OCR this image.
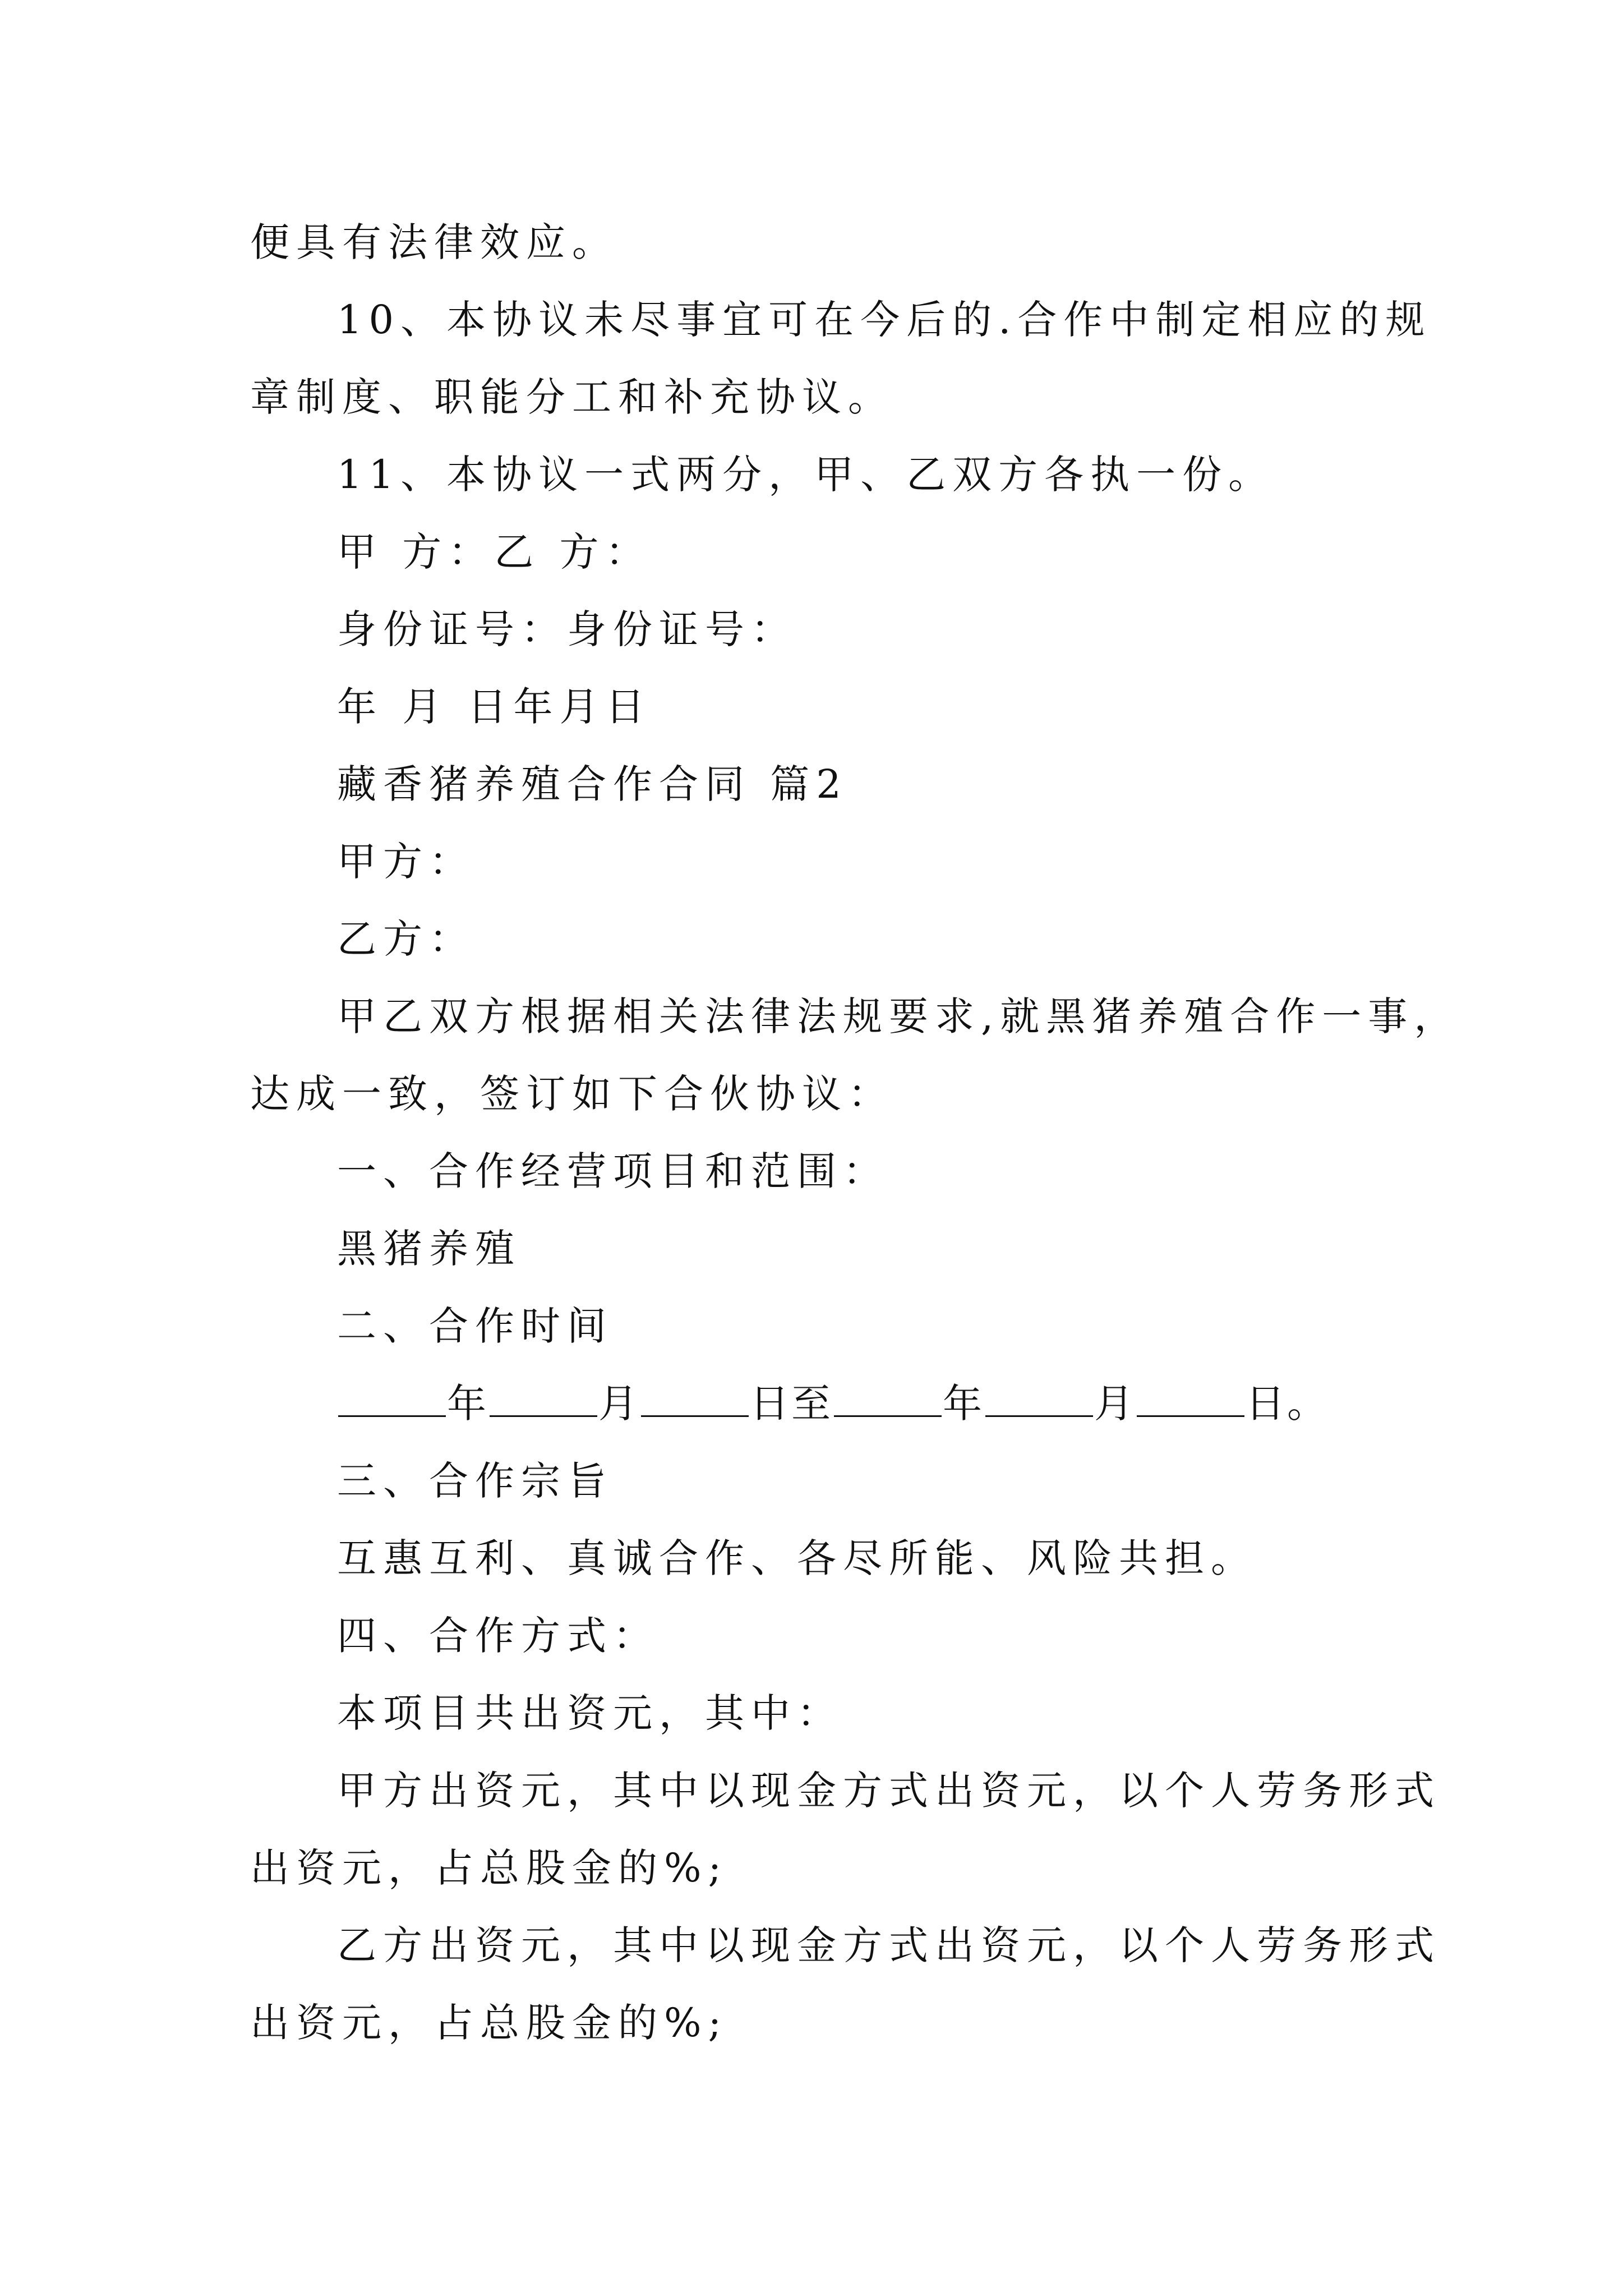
便具有法律效应。
10、本协议未尽事宜可在今后的.合作中制定相应的规
章制度、职能分工和补充协议。
11、本协议一式两分，甲、乙双方各执一份。
甲 方：乙 方：
身份证号：身份证号：
年 月 日年月日
藏香猪养殖合作合同 篇2
甲方：
乙方：
甲乙双方根据相关法律法规要求,就黑猪养殖合作一事，
达成一致，签订如下合伙协议：
一、合作经营项目和范围：
黑猪养殖
二、合作时间
年	月	日至	年	月	日。
三、合作宗旨
互惠互利、真诚合作、各尽所能、风险共担。
四、合作方式：
本项目共出资元，其中：
甲方出资元，其中以现金方式出资元，以个人劳务形式
出资元，占总股金的%;
乙方出资元，其中以现金方式出资元，以个人劳务形式
出资元，占总股金的%;
